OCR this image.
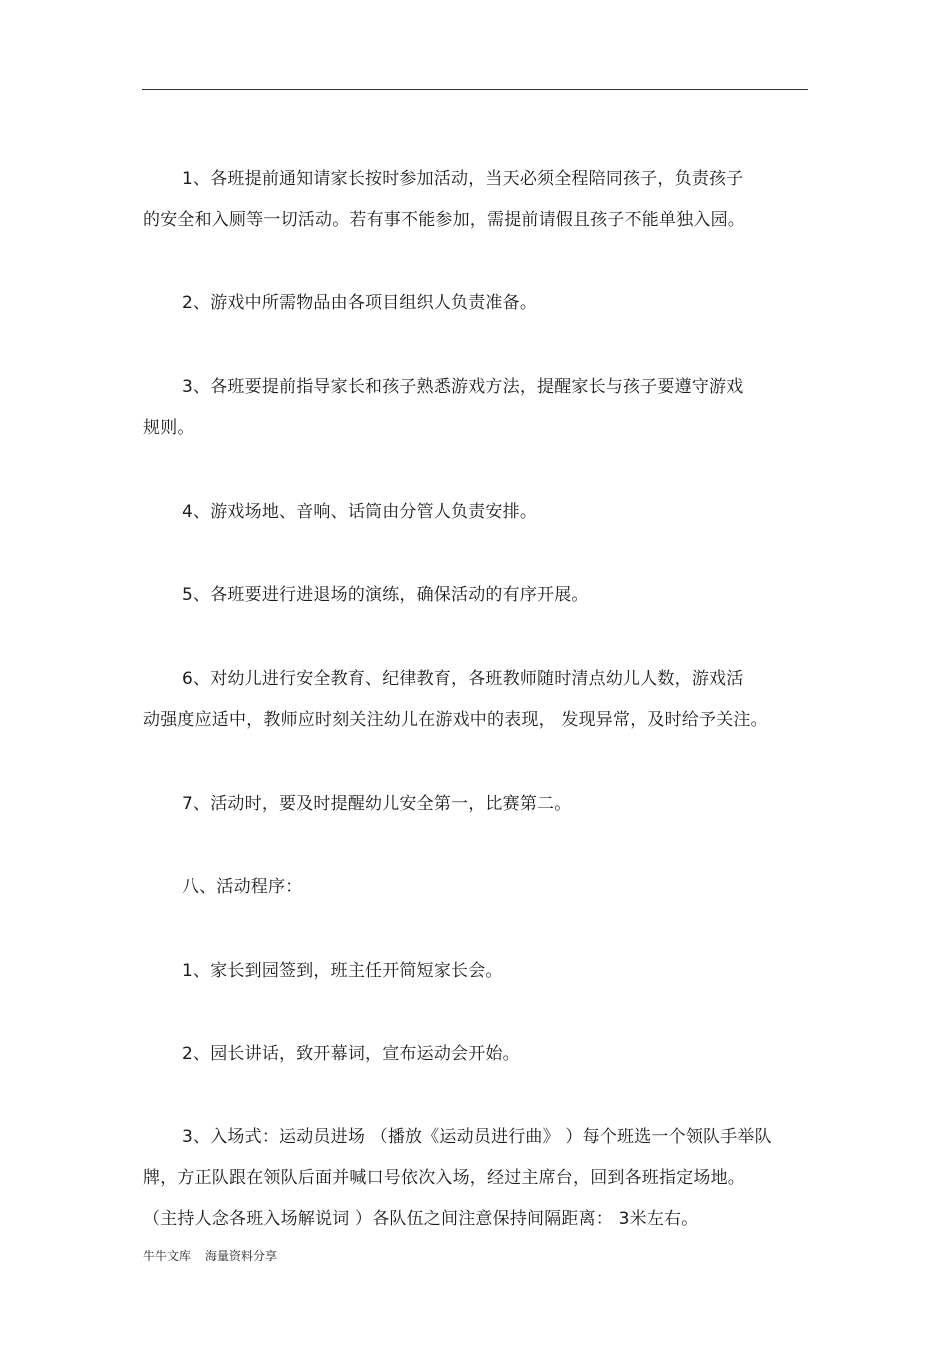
1、各班提前通知请家长按时参加活动，当天必须全程陪同孩子，负责孩子
的安全和入厕等一切活动。若有事不能参加，需提前请假且孩子不能单独入园。
2、游戏中所需物品由各项目组织人负责准备。
3、各班要提前指导家长和孩子熟悉游戏方法，提醒家长与孩子要遵守游戏
规则。
4、游戏场地、音响、话筒由分管人负责安排。
5、各班要进行进退场的演练，确保活动的有序开展。
6、对幼儿进行安全教育、纪律教育，各班教师随时清点幼儿人数，游戏活
动强度应适中，教师应时刻关注幼儿在游戏中的表现， 发现异常，及时给予关注。
7、活动时，要及时提醒幼儿安全第一，比赛第二。
八、活动程序：
1、家长到园签到，班主任开简短家长会。
2、园长讲话，致开幕词，宣布运动会开始。
3、入场式：运动员进场 （播放《运动员进行曲》 ）每个班选一个领队手举队
牌，方正队跟在领队后面并喊口号依次入场，经过主席台，回到各班指定场地。
（主持人念各班入场解说词 ）各队伍之间注意保持间隔距离： 3米左右。
牛牛文库 海量资料分享
